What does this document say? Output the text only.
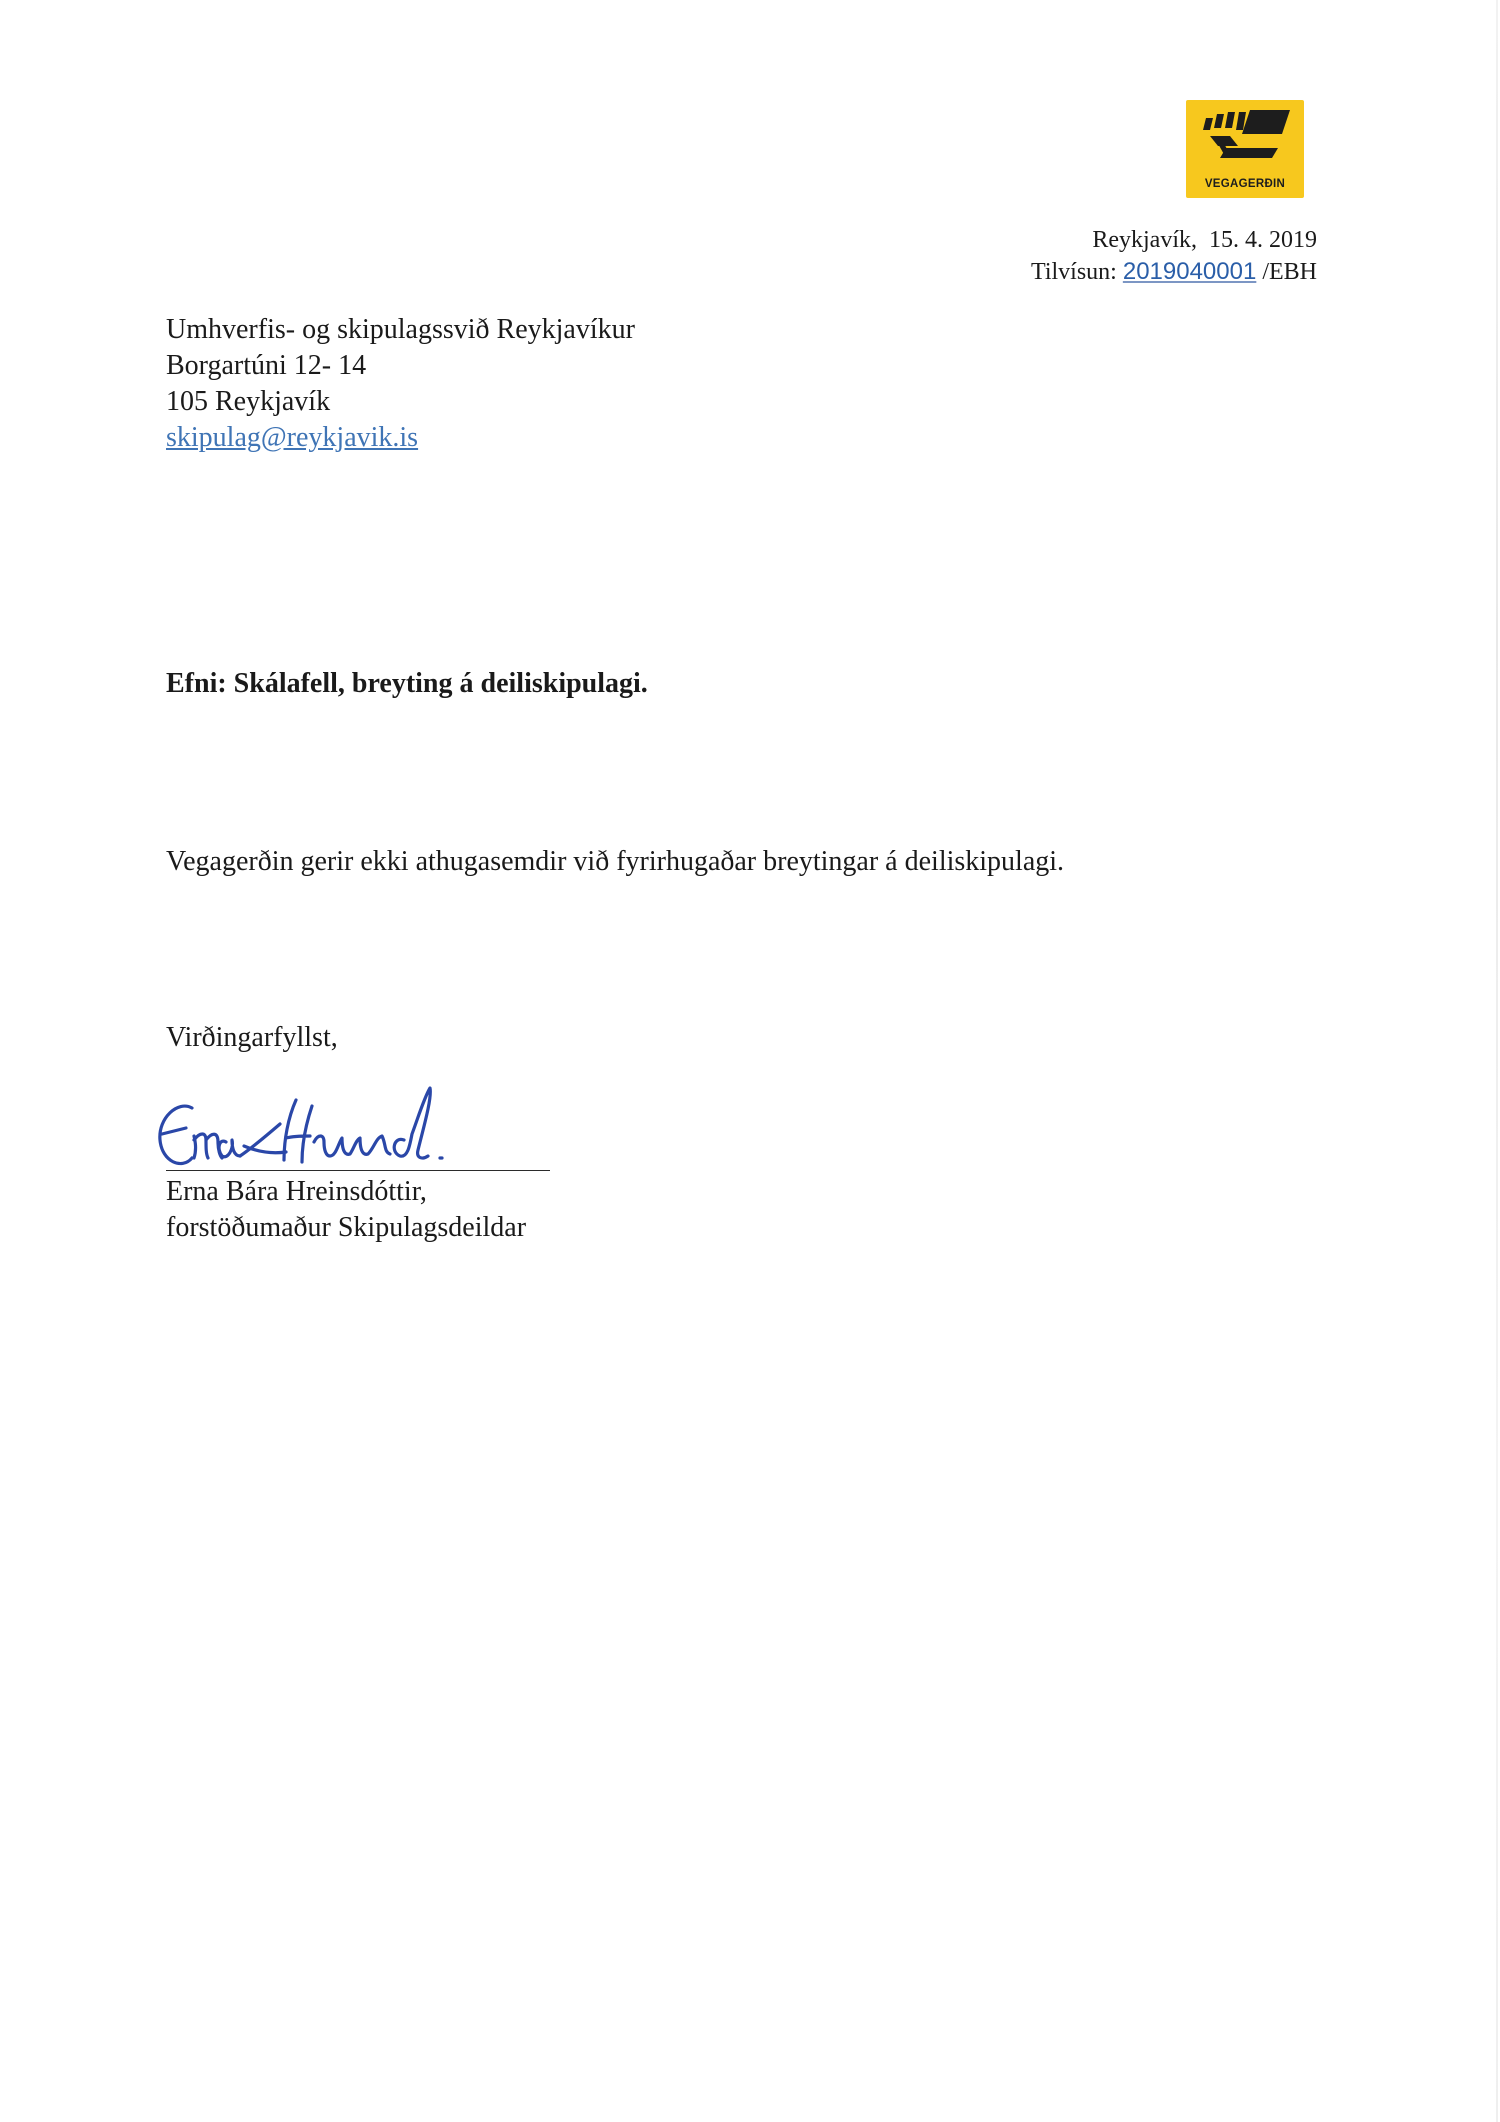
VEGAGERÐIN
Reykjavík, 15. 4. 2019
Tilvísun: 2019040001 /EBH
Umhverfis- og skipulagssvið Reykjavíkur
Borgartúni 12- 14
105 Reykjavík
skipulag@reykjavik.is
Efni: Skálafell, breyting á deiliskipulagi.
Vegagerðin gerir ekki athugasemdir við fyrirhugaðar breytingar á deiliskipulagi.
Virðingarfyllst,
Erna Bára Hreinsdóttir,
forstöðumaður Skipulagsdeildar
